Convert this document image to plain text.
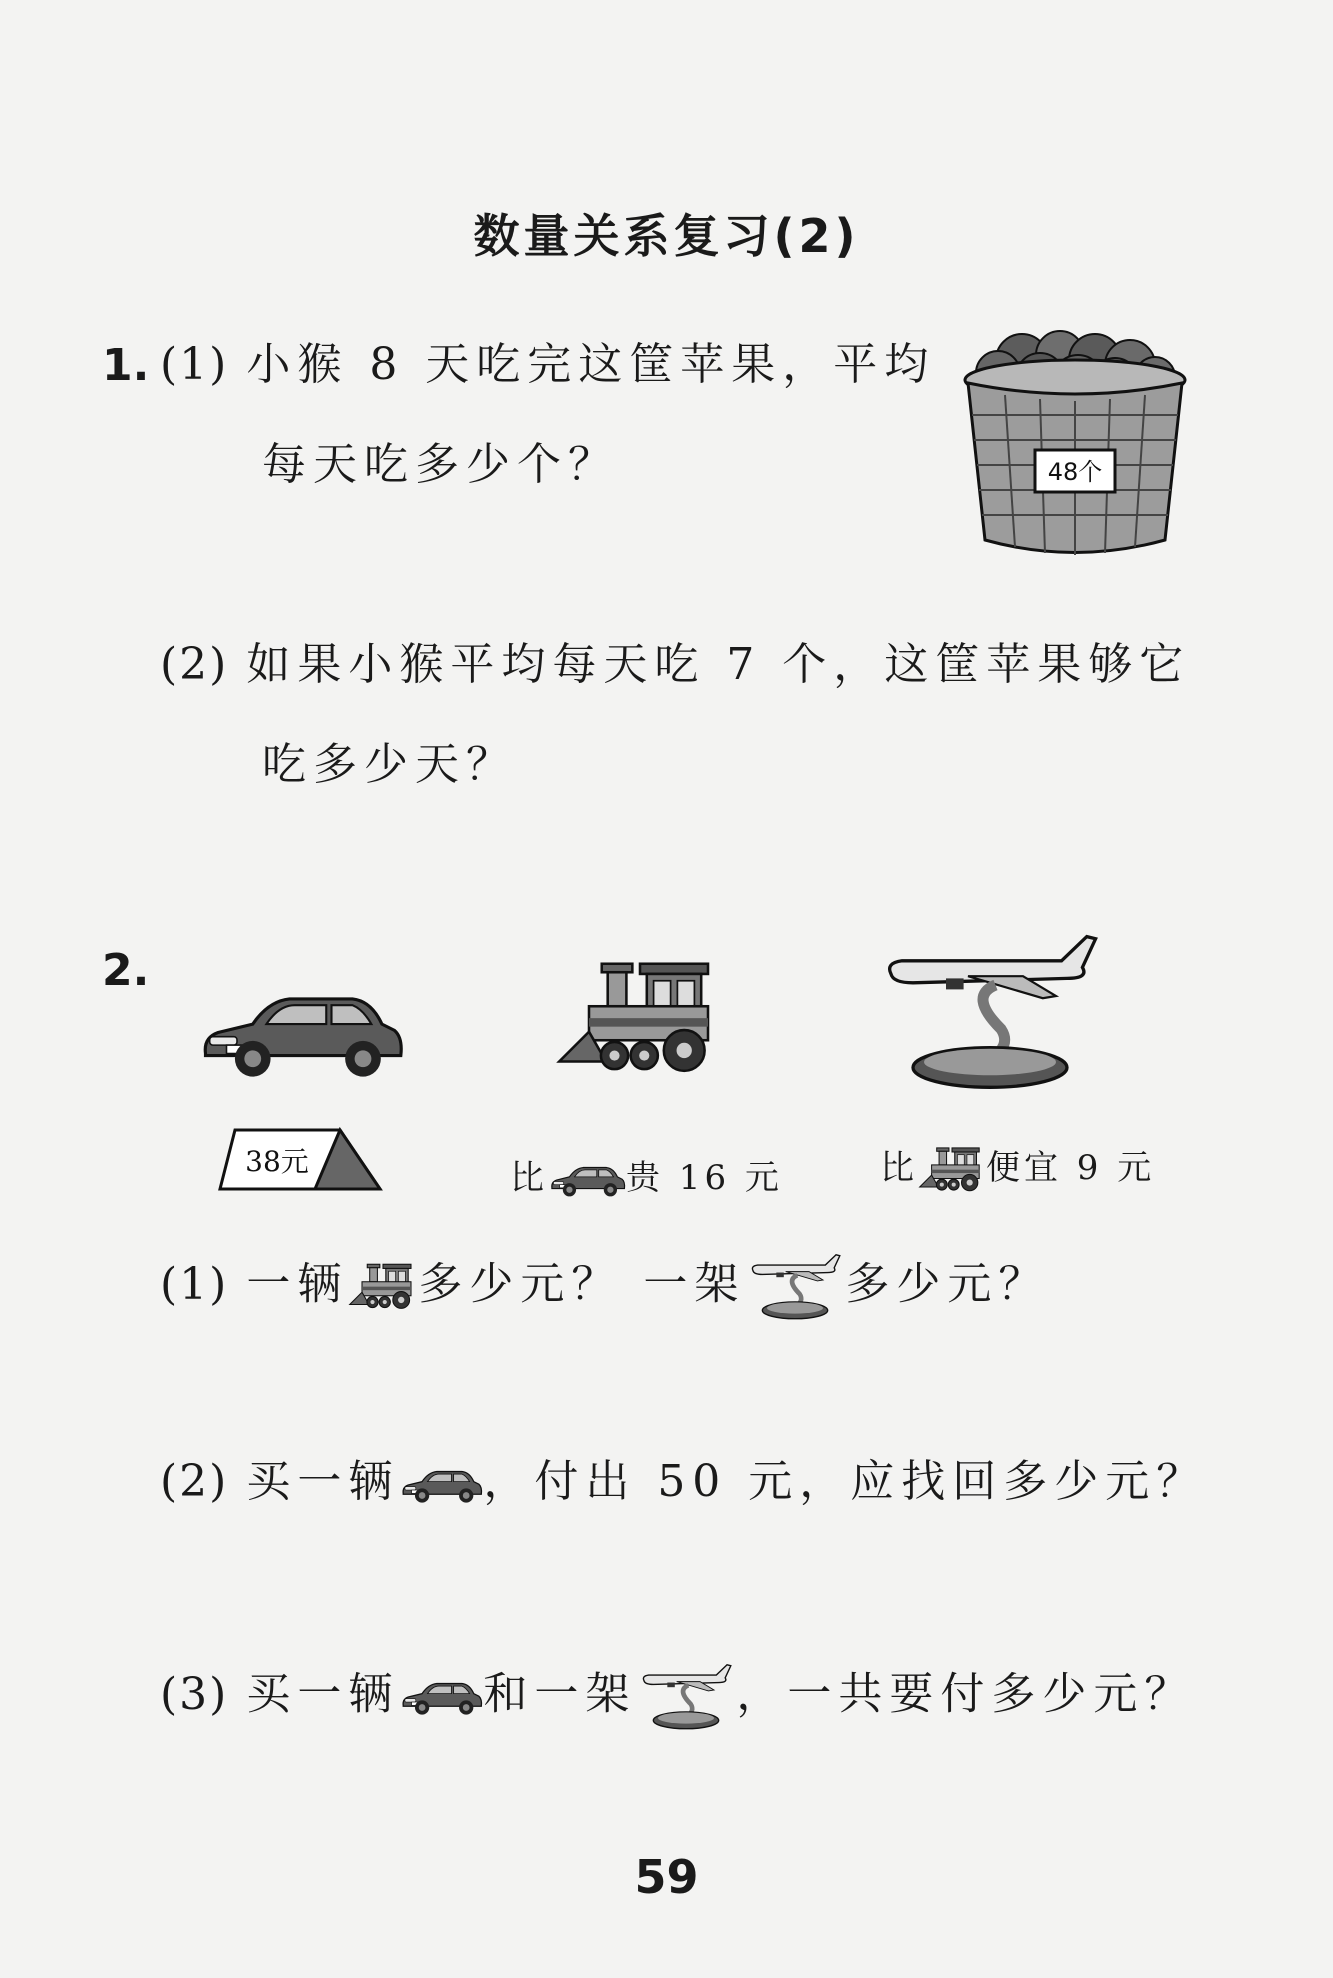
数量关系复习(2)
1. (1) 小猴 8 天吃完这筐苹果，平均
每天吃多少个？	48个
(2) 如果小猴平均每天吃 7 个，这筐苹果够它
吃多少天？
2.
38元	比 贵 16 元	比 便宜 9 元
(1) 一辆 多少元？ 一架 多少元？
(2) 买一辆 ，付出 50 元，应找回多少元？
(3) 买一辆 和一架 ，一共要付多少元？
59
